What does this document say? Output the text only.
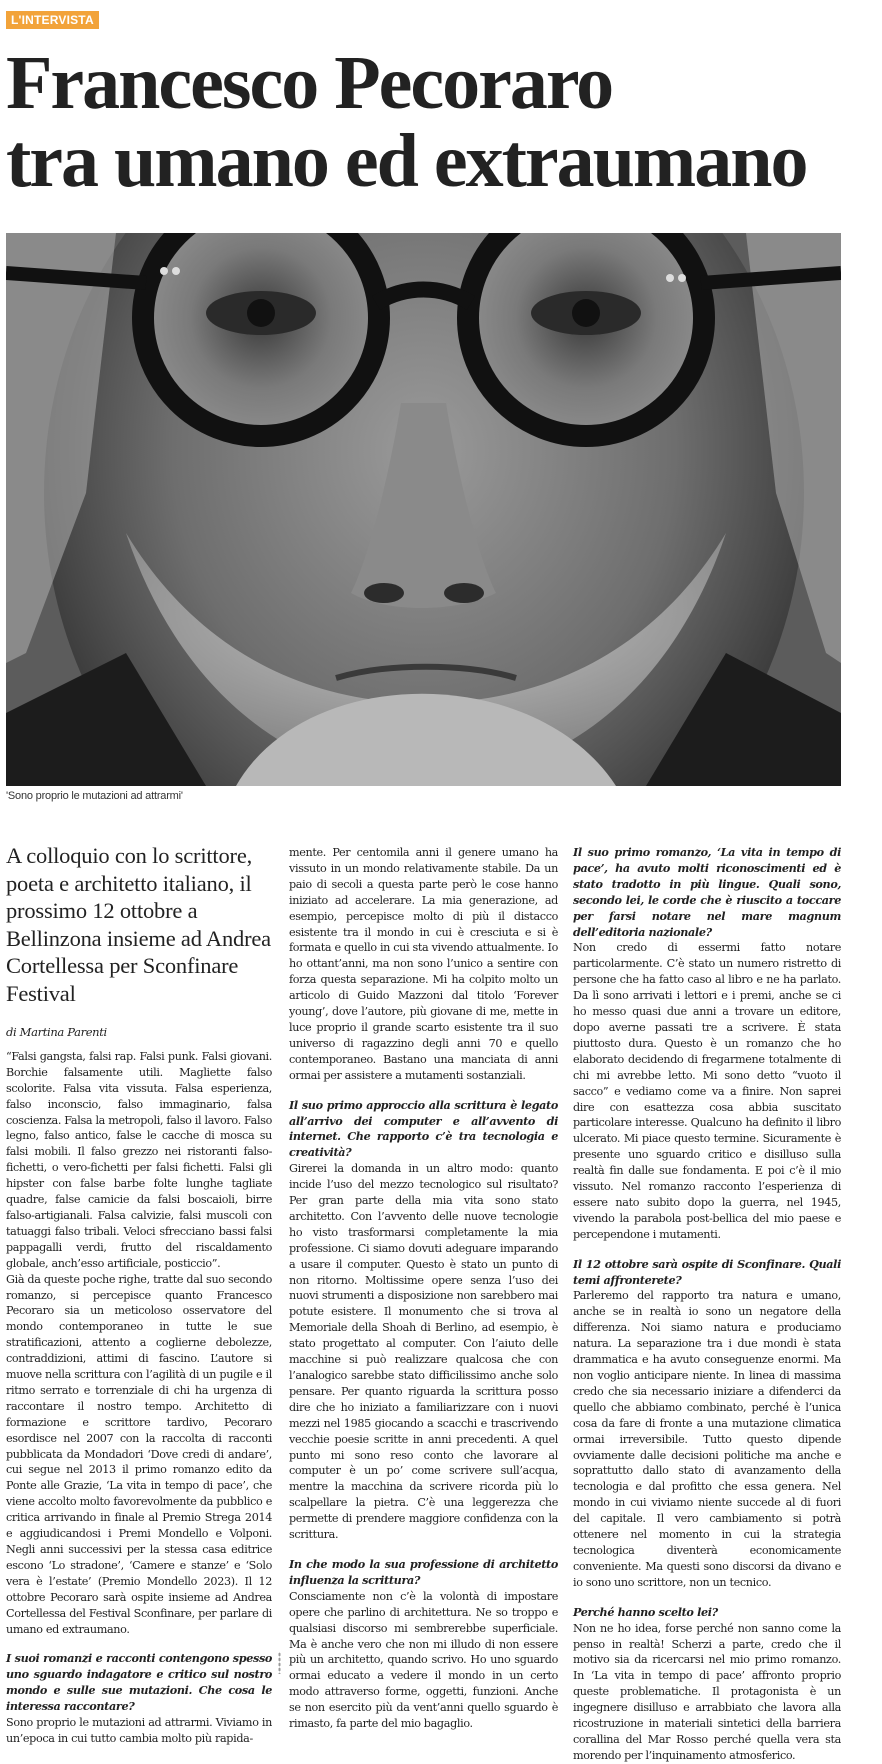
L'INTERVISTA
Francesco Pecoraro
tra umano ed extraumano
'Sono proprio le mutazioni ad attrarmi'
A colloquio con lo scrittore, poeta e architetto italiano, il prossimo 12 ottobre a Bellinzona insieme ad Andrea Cortellessa per Sconfinare Festival
di Martina Parenti

“Falsi gangsta, falsi rap. Falsi punk. Falsi giovani. Borchie falsamente utili. Magliette falso scolorite. Falsa vita vissuta. Falsa esperienza, falso inconscio, falso immaginario, falsa coscienza. Falsa la metropoli, falso il lavoro. Falso legno, falso antico, false le cacche di mosca su falsi mobili. Il falso grezzo nei ristoranti falso-fichetti, o vero-fichetti per falsi fichetti. Falsi gli hipster con false barbe folte lunghe tagliate quadre, false camicie da falsi boscaioli, birre falso-artigianali. Falsa calvizie, falsi muscoli con tatuaggi falso tribali. Veloci sfrecciano bassi falsi pappagalli verdi, frutto del riscaldamento globale, anch’esso artificiale, posticcio”.

Già da queste poche righe, tratte dal suo secondo romanzo, si percepisce quanto Francesco Pecoraro sia un meticoloso osservatore del mondo contemporaneo in tutte le sue stratificazioni, attento a coglierne debolezze, contraddizioni, attimi di fascino. L’autore si muove nella scrittura con l’agilità di un pugile e il ritmo serrato e torrenziale di chi ha urgenza di raccontare il nostro tempo. Architetto di formazione e scrittore tardivo, Pecoraro esordisce nel 2007 con la raccolta di racconti pubblicata da Mondadori ‘Dove credi di andare’, cui segue nel 2013 il primo romanzo edito da Ponte alle Grazie, ‘La vita in tempo di pace’, che viene accolto molto favorevolmente da pubblico e critica arrivando in finale al Premio Strega 2014 e aggiudicandosi i Premi Mondello e Volponi. Negli anni successivi per la stessa casa editrice escono ‘Lo stradone’, ‘Camere e stanze’ e ‘Solo vera è l’estate’ (Premio Mondello 2023). Il 12 ottobre Pecoraro sarà ospite insieme ad Andrea Cortellessa del Festival Sconfinare, per parlare di umano ed extraumano.

I suoi romanzi e racconti contengono spesso uno sguardo indagatore e critico sul nostro mondo e sulle sue mutazioni. Che cosa le interessa raccontare?

Sono proprio le mutazioni ad attrarmi. Viviamo in un’epoca in cui tutto cambia molto più rapida-

mente. Per centomila anni il genere umano ha vissuto in un mondo relativamente stabile. Da un paio di secoli a questa parte però le cose hanno iniziato ad accelerare. La mia generazione, ad esempio, percepisce molto di più il distacco esistente tra il mondo in cui è cresciuta e si è formata e quello in cui sta vivendo attualmente. Io ho ottant’anni, ma non sono l’unico a sentire con forza questa separazione. Mi ha colpito molto un articolo di Guido Mazzoni dal titolo ‘Forever young’, dove l’autore, più giovane di me, mette in luce proprio il grande scarto esistente tra il suo universo di ragazzino degli anni 70 e quello contemporaneo. Bastano una manciata di anni ormai per assistere a mutamenti sostanziali.

Il suo primo approccio alla scrittura è legato all’arrivo dei computer e all’avvento di internet. Che rapporto c’è tra tecnologia e creatività?

Girerei la domanda in un altro modo: quanto incide l’uso del mezzo tecnologico sul risultato? Per gran parte della mia vita sono stato architetto. Con l’avvento delle nuove tecnologie ho visto trasformarsi completamente la mia professione. Ci siamo dovuti adeguare imparando a usare il computer. Questo è stato un punto di non ritorno. Moltissime opere senza l’uso dei nuovi strumenti a disposizione non sarebbero mai potute esistere. Il monumento che si trova al Memoriale della Shoah di Berlino, ad esempio, è stato progettato al computer. Con l’aiuto delle macchine si può realizzare qualcosa che con l’analogico sarebbe stato difficilissimo anche solo pensare. Per quanto riguarda la scrittura posso dire che ho iniziato a familiarizzare con i nuovi mezzi nel 1985 giocando a scacchi e trascrivendo vecchie poesie scritte in anni precedenti. A quel punto mi sono reso conto che lavorare al computer è un po’ come scrivere sull’acqua, mentre la macchina da scrivere ricorda più lo scalpellare la pietra. C’è una leggerezza che permette di prendere maggiore confidenza con la scrittura.

In che modo la sua professione di architetto influenza la scrittura?

Consciamente non c’è la volontà di impostare opere che parlino di architettura. Ne so troppo e qualsiasi discorso mi sembrerebbe superficiale. Ma è anche vero che non mi illudo di non essere più un architetto, quando scrivo. Ho uno sguardo ormai educato a vedere il mondo in un certo modo attraverso forme, oggetti, funzioni. Anche se non esercito più da vent’anni quello sguardo è rimasto, fa parte del mio bagaglio.

Il suo primo romanzo, ‘La vita in tempo di pace’, ha avuto molti riconoscimenti ed è stato tradotto in più lingue. Quali sono, secondo lei, le corde che è riuscito a toccare per farsi notare nel mare magnum dell’editoria nazionale?

Non credo di essermi fatto notare particolarmente. C’è stato un numero ristretto di persone che ha fatto caso al libro e ne ha parlato. Da lì sono arrivati i lettori e i premi, anche se ci ho messo quasi due anni a trovare un editore, dopo averne passati tre a scrivere. È stata piuttosto dura. Questo è un romanzo che ho elaborato decidendo di fregarmene totalmente di chi mi avrebbe letto. Mi sono detto “vuoto il sacco” e vediamo come va a finire. Non saprei dire con esattezza cosa abbia suscitato particolare interesse. Qualcuno ha definito il libro ulcerato. Mi piace questo termine. Sicuramente è presente uno sguardo critico e disilluso sulla realtà fin dalle sue fondamenta. E poi c’è il mio vissuto. Nel romanzo racconto l’esperienza di essere nato subito dopo la guerra, nel 1945, vivendo la parabola post-bellica del mio paese e percependone i mutamenti.

Il 12 ottobre sarà ospite di Sconfinare. Quali temi affronterete?

Parleremo del rapporto tra natura e umano, anche se in realtà io sono un negatore della differenza. Noi siamo natura e produciamo natura. La separazione tra i due mondi è stata drammatica e ha avuto conseguenze enormi. Ma non voglio anticipare niente. In linea di massima credo che sia necessario iniziare a difenderci da quello che abbiamo combinato, perché è l’unica cosa da fare di fronte a una mutazione climatica ormai irreversibile. Tutto questo dipende ovviamente dalle decisioni politiche ma anche e soprattutto dallo stato di avanzamento della tecnologia e dal profitto che essa genera. Nel mondo in cui viviamo niente succede al di fuori del capitale. Il vero cambiamento si potrà ottenere nel momento in cui la strategia tecnologica diventerà economicamente conveniente. Ma questi sono discorsi da divano e io sono uno scrittore, non un tecnico.

Perché hanno scelto lei?

Non ne ho idea, forse perché non sanno come la penso in realtà! Scherzi a parte, credo che il motivo sia da ricercarsi nel mio primo romanzo. In ‘La vita in tempo di pace’ affronto proprio queste problematiche. Il protagonista è un ingegnere disilluso e arrabbiato che lavora alla ricostruzione in materiali sintetici della barriera corallina del Mar Rosso perché quella vera sta morendo per l’inquinamento atmosferico.
